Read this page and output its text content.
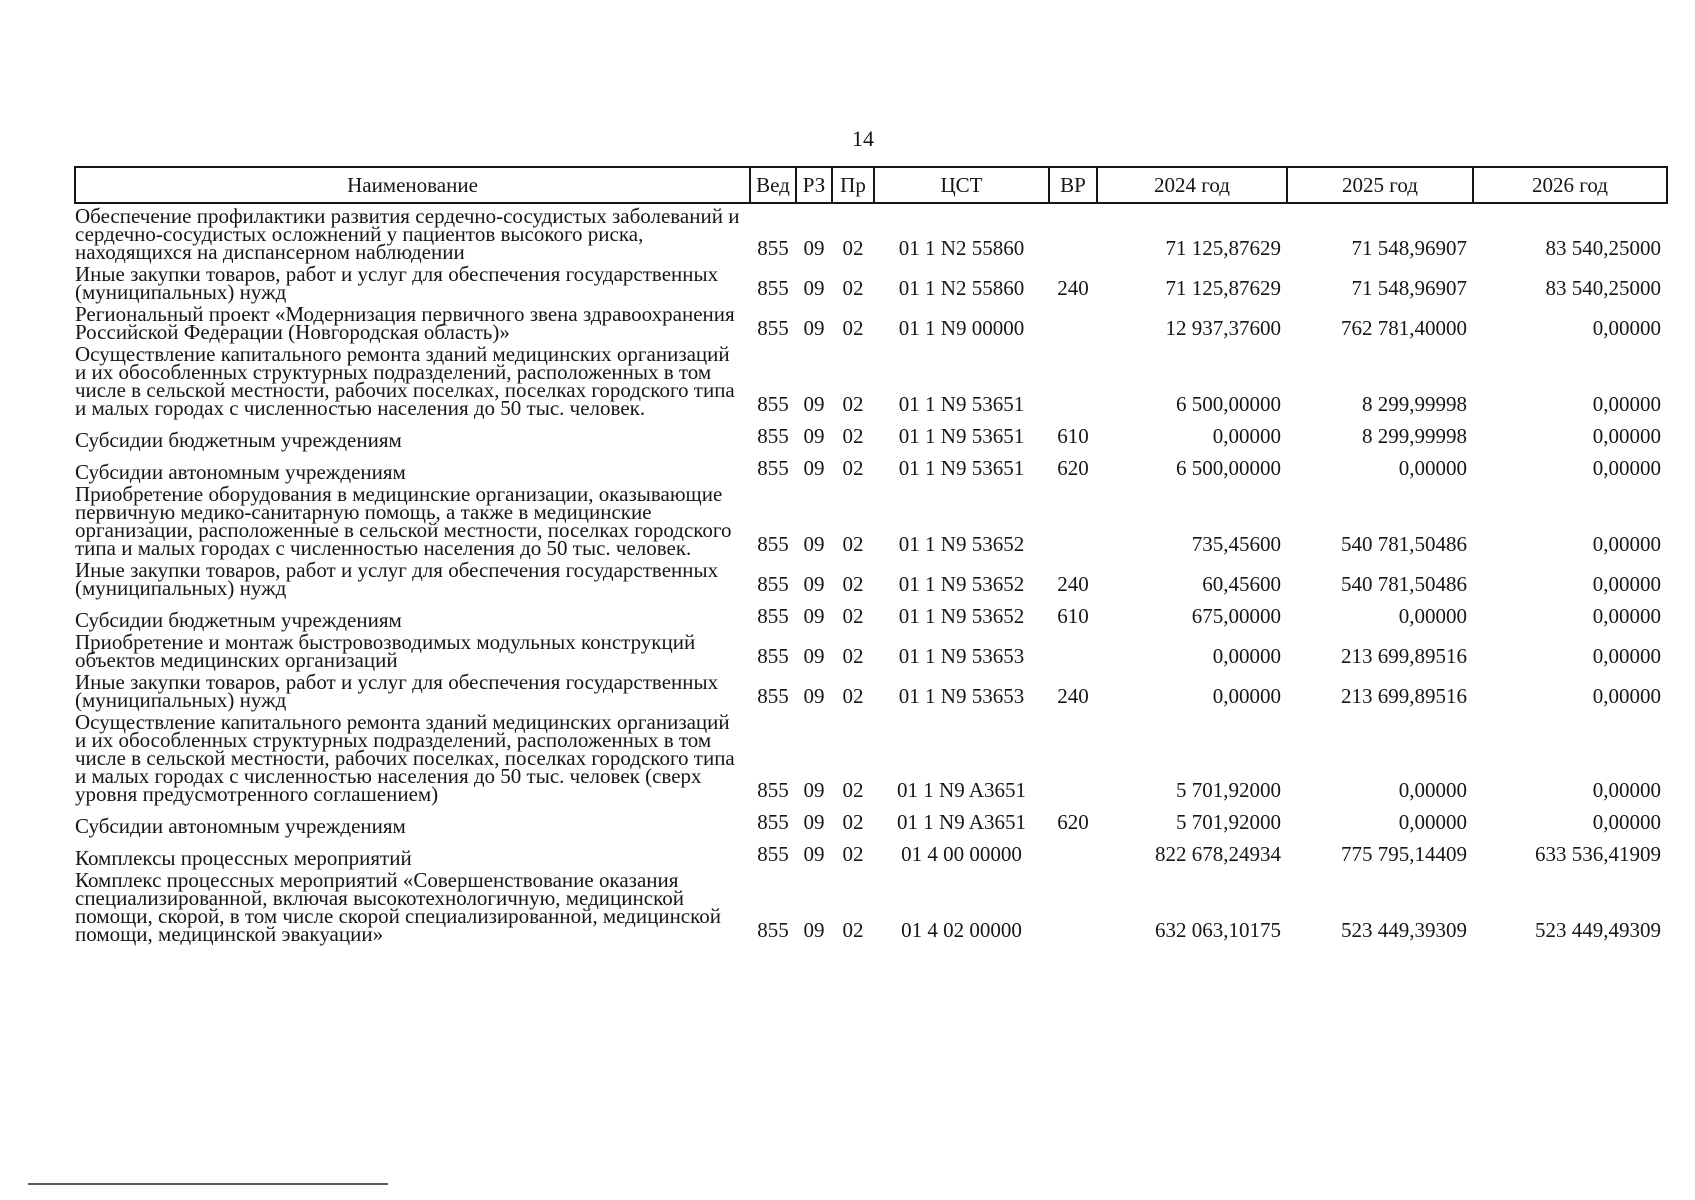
14
Наименование	Вед	РЗ	Пр	ЦСТ	ВР	2024 год	2025 год	2026 год
Обеспечение профилактики развития сердечно-сосудистых заболеваний и сердечно-сосудистых осложнений у пациентов высокого риска, находящихся на диспансерном наблюдении	855	09	02	01 1 N2 55860		71 125,87629	71 548,96907	83 540,25000
Иные закупки товаров, работ и услуг для обеспечения государственных (муниципальных) нужд	855	09	02	01 1 N2 55860	240	71 125,87629	71 548,96907	83 540,25000
Региональный проект «Модернизация первичного звена здравоохранения Российской Федерации (Новгородская область)»	855	09	02	01 1 N9 00000		12 937,37600	762 781,40000	0,00000
Осуществление капитального ремонта зданий медицинских организаций и их обособленных структурных подразделений, расположенных в том числе в сельской местности, рабочих поселках, поселках городского типа и малых городах с численностью населения до 50 тыс. человек.	855	09	02	01 1 N9 53651		6 500,00000	8 299,99998	0,00000
Субсидии бюджетным учреждениям	855	09	02	01 1 N9 53651	610	0,00000	8 299,99998	0,00000
Субсидии автономным учреждениям	855	09	02	01 1 N9 53651	620	6 500,00000	0,00000	0,00000
Приобретение оборудования в медицинские организации, оказывающие первичную медико-санитарную помощь, а также в медицинские организации, расположенные в сельской местности, поселках городского типа и малых городах с численностью населения до 50 тыс. человек.	855	09	02	01 1 N9 53652		735,45600	540 781,50486	0,00000
Иные закупки товаров, работ и услуг для обеспечения государственных (муниципальных) нужд	855	09	02	01 1 N9 53652	240	60,45600	540 781,50486	0,00000
Субсидии бюджетным учреждениям	855	09	02	01 1 N9 53652	610	675,00000	0,00000	0,00000
Приобретение и монтаж быстровозводимых модульных конструкций объектов медицинских организаций	855	09	02	01 1 N9 53653		0,00000	213 699,89516	0,00000
Иные закупки товаров, работ и услуг для обеспечения государственных (муниципальных) нужд	855	09	02	01 1 N9 53653	240	0,00000	213 699,89516	0,00000
Осуществление капитального ремонта зданий медицинских организаций и их обособленных структурных подразделений, расположенных в том числе в сельской местности, рабочих поселках, поселках городского типа и малых городах с численностью населения до 50 тыс. человек (сверх уровня предусмотренного соглашением)	855	09	02	01 1 N9 A3651		5 701,92000	0,00000	0,00000
Субсидии автономным учреждениям	855	09	02	01 1 N9 A3651	620	5 701,92000	0,00000	0,00000
Комплексы процессных мероприятий	855	09	02	01 4 00 00000		822 678,24934	775 795,14409	633 536,41909
Комплекс процессных мероприятий «Совершенствование оказания специализированной, включая высокотехнологичную, медицинской помощи, скорой, в том числе скорой специализированной, медицинской помощи, медицинской эвакуации»	855	09	02	01 4 02 00000		632 063,10175	523 449,39309	523 449,49309
